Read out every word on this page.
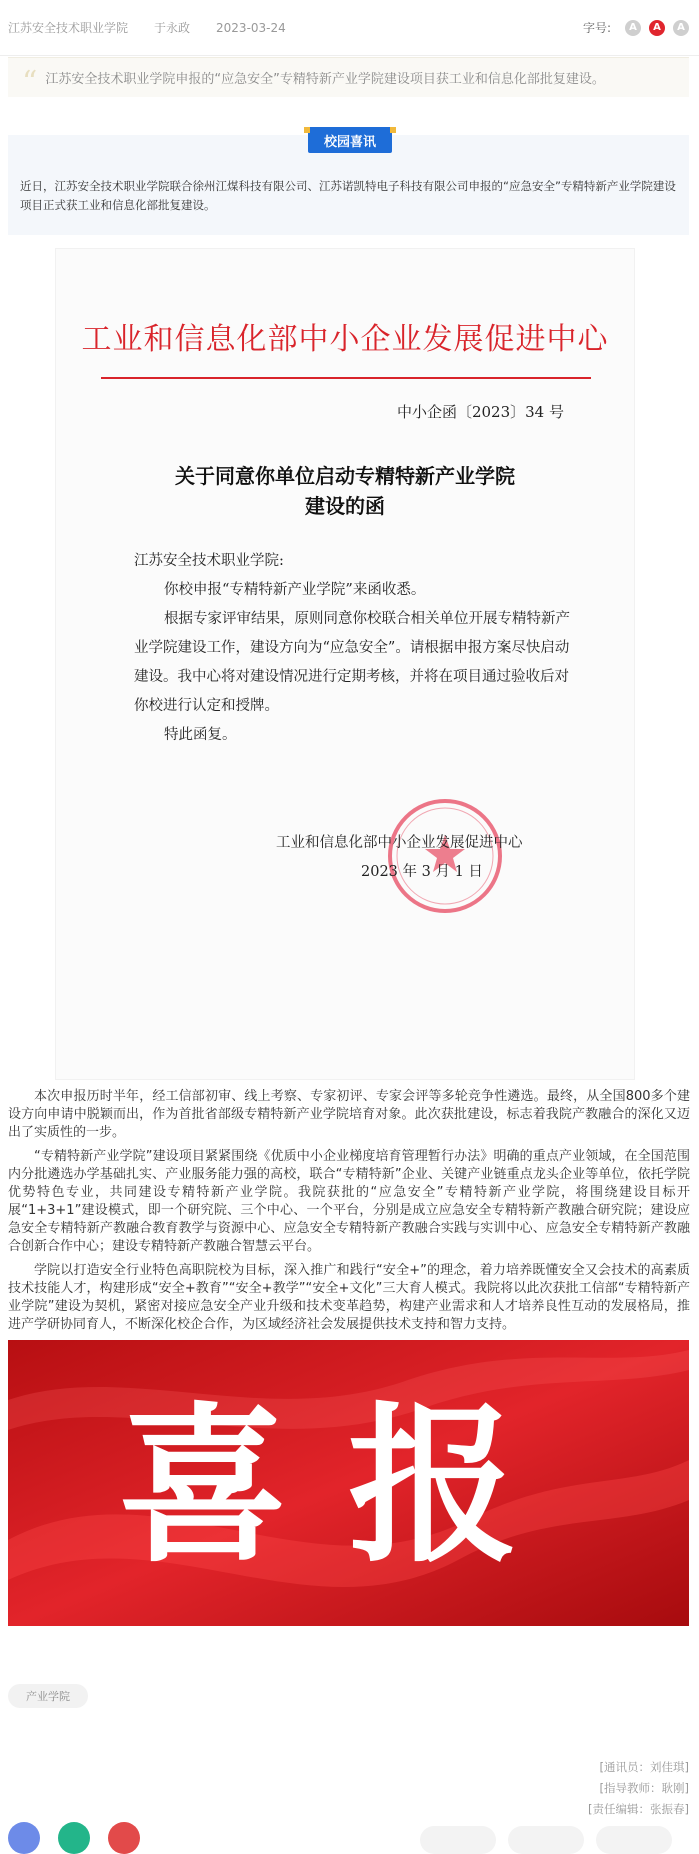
江苏安全技术职业学院 于永政 2023-03-24	字号:	A	A	A
“ 江苏安全技术职业学院申报的“应急安全”专精特新产业学院建设项目获工业和信息化部批复建设。
校园喜讯
近日，江苏安全技术职业学院联合徐州江煤科技有限公司、江苏诺凯特电子科技有限公司申报的“应急安全”专精特新产业学院建设项目正式获工业和信息化部批复建设。
工业和信息化部中小企业发展促进中心
中小企函〔2023〕34 号
关于同意你单位启动专精特新产业学院
建设的函

江苏安全技术职业学院:

你校申报“专精特新产业学院”来函收悉。

根据专家评审结果，原则同意你校联合相关单位开展专精特新产业学院建设工作，建设方向为“应急安全”。请根据申报方案尽快启动建设。我中心将对建设情况进行定期考核，并将在项目通过验收后对你校进行认定和授牌。

特此函复。

工业和信息化部中小企业发展促进中心
2023 年 3 月 1 日

本次申报历时半年，经工信部初审、线上考察、专家初评、专家会评等多轮竞争性遴选。最终，从全国800多个建设方向申请中脱颖而出，作为首批省部级专精特新产业学院培育对象。此次获批建设，标志着我院产教融合的深化又迈出了实质性的一步。

“专精特新产业学院”建设项目紧紧围绕《优质中小企业梯度培育管理暂行办法》明确的重点产业领域，在全国范围内分批遴选办学基础扎实、产业服务能力强的高校，联合“专精特新”企业、关键产业链重点龙头企业等单位，依托学院优势特色专业，共同建设专精特新产业学院。我院获批的“应急安全”专精特新产业学院，将围绕建设目标开展“1+3+1”建设模式，即一个研究院、三个中心、一个平台，分别是成立应急安全专精特新产教融合研究院；建设应急安全专精特新产教融合教育教学与资源中心、应急安全专精特新产教融合实践与实训中心、应急安全专精特新产教融合创新合作中心；建设专精特新产教融合智慧云平台。

学院以打造安全行业特色高职院校为目标，深入推广和践行“安全+”的理念，着力培养既懂安全又会技术的高素质技术技能人才，构建形成“安全+教育”“安全+教学”“安全+文化”三大育人模式。我院将以此次获批工信部“专精特新产业学院”建设为契机，紧密对接应急安全产业升级和技术变革趋势，构建产业需求和人才培养良性互动的发展格局，推进产学研协同育人，不断深化校企合作，为区域经济社会发展提供技术支持和智力支持。

喜报
产业学院
[通讯员：刘佳琪]
[指导教师：耿刚]
[责任编辑：张振春]
